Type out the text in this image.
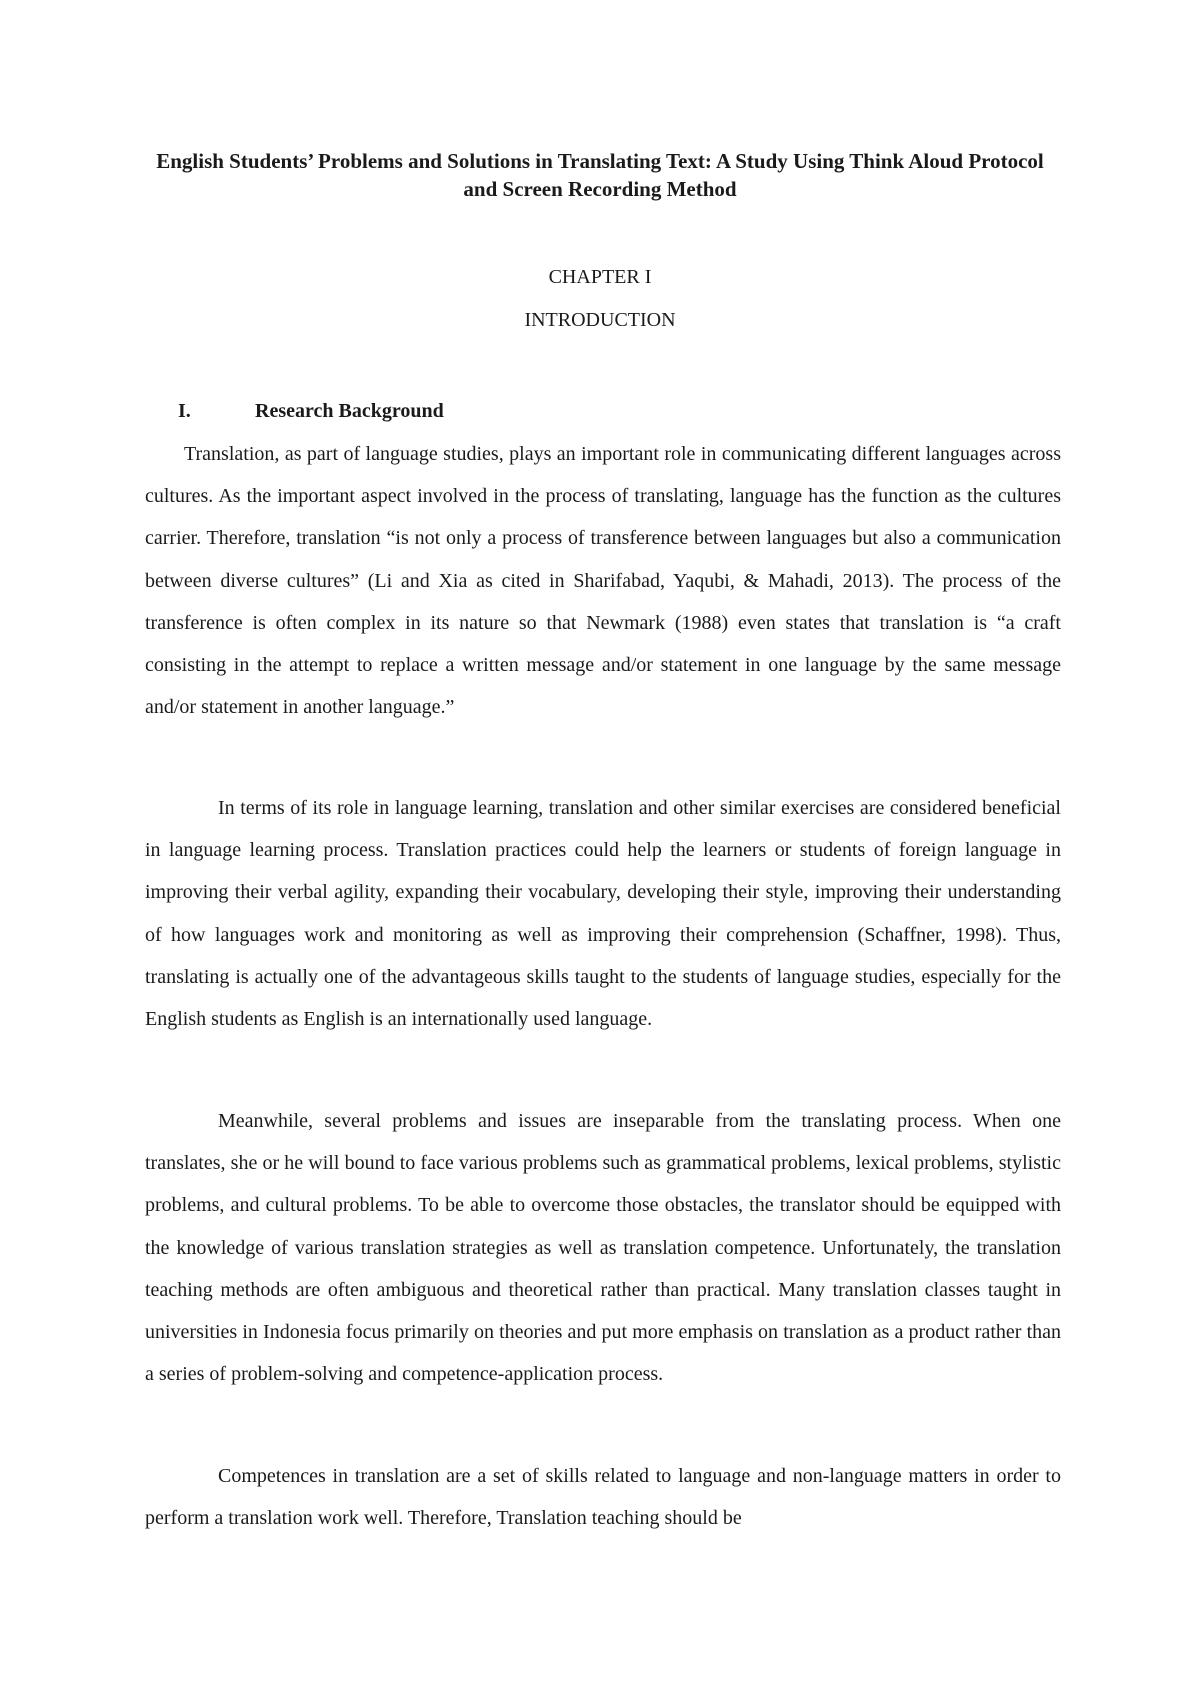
English Students’ Problems and Solutions in Translating Text: A Study Using Think Aloud Protocol and Screen Recording Method
CHAPTER I
INTRODUCTION
I.	Research Background

Translation, as part of language studies, plays an important role in communicating different languages across cultures. As the important aspect involved in the process of translating, language has the function as the cultures carrier. Therefore, translation “is not only a process of transference between languages but also a communication between diverse cultures” (Li and Xia as cited in Sharifabad, Yaqubi, & Mahadi, 2013). The process of the transference is often complex in its nature so that Newmark (1988) even states that translation is “a craft consisting in the attempt to replace a written message and/or statement in one language by the same message and/or statement in another language.”

In terms of its role in language learning, translation and other similar exercises are considered beneficial in language learning process. Translation practices could help the learners or students of foreign language in improving their verbal agility, expanding their vocabulary, developing their style, improving their understanding of how languages work and monitoring as well as improving their comprehension (Schaffner, 1998). Thus, translating is actually one of the advantageous skills taught to the students of language studies, especially for the English students as English is an internationally used language.

Meanwhile, several problems and issues are inseparable from the translating process. When one translates, she or he will bound to face various problems such as grammatical problems, lexical problems, stylistic problems, and cultural problems. To be able to overcome those obstacles, the translator should be equipped with the knowledge of various translation strategies as well as translation competence. Unfortunately, the translation teaching methods are often ambiguous and theoretical rather than practical. Many translation classes taught in universities in Indonesia focus primarily on theories and put more emphasis on translation as a product rather than a series of problem-solving and competence-application process.

Competences in translation are a set of skills related to language and non-language matters in order to perform a translation work well. Therefore, Translation teaching should be
